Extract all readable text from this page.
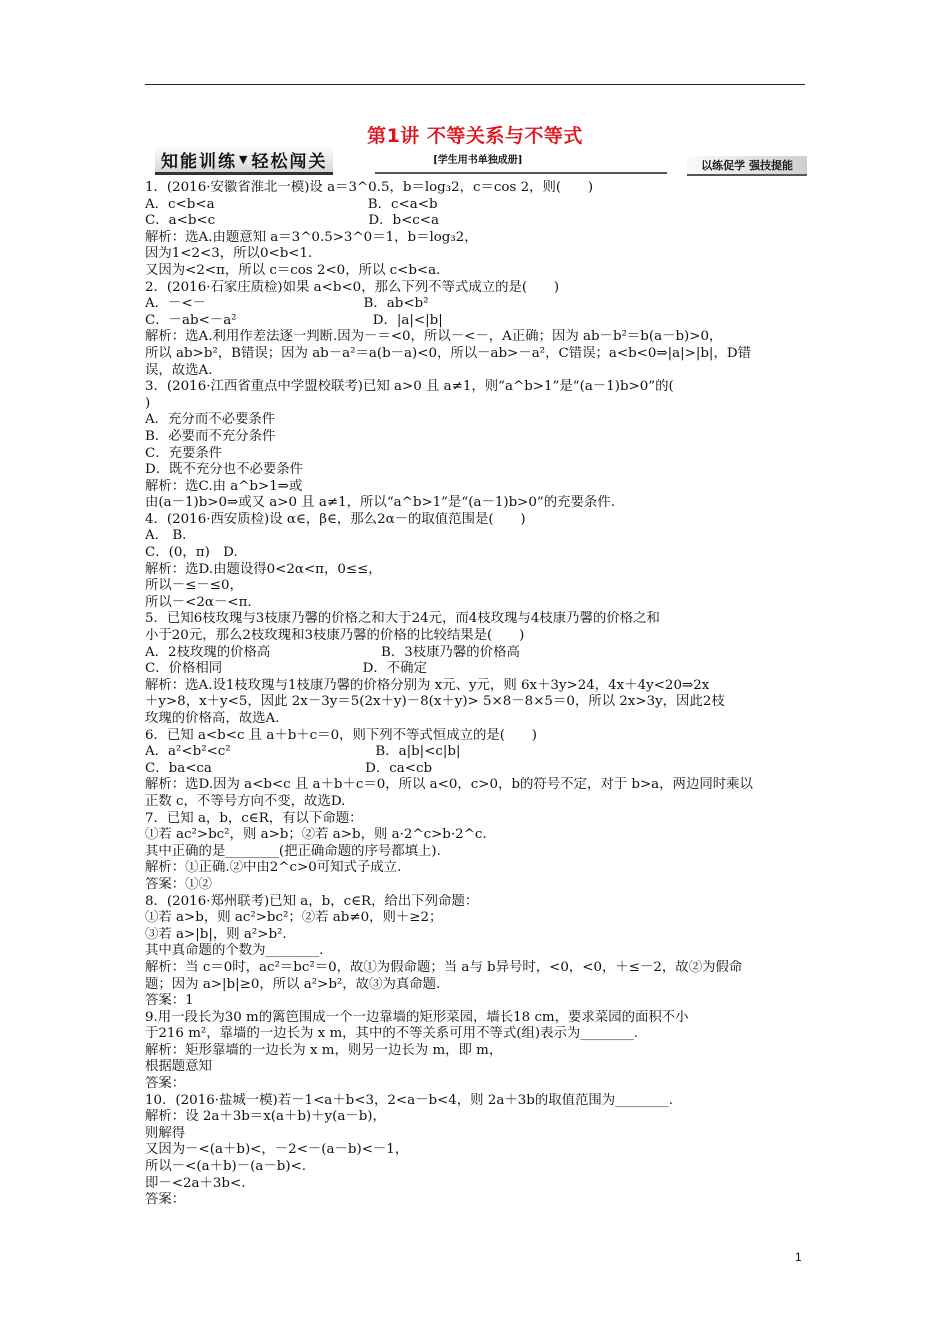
第1讲 不等关系与不等式
知能训练 ▼ 轻松闯关	[学生用书单独成册]	以练促学 强技提能
1．(2016·安徽省淮北一模)设 a＝3^0.5，b＝log₃2，c＝cos 2，则(　　)
A．c<b<a                                    B．c<a<b
C．a<b<c                                    D．b<c<a
解析：选A.由题意知 a＝3^0.5>3^0＝1，b＝log₃2，
因为1<2<3，所以0<b<1.
又因为<2<π，所以 c＝cos 2<0，所以 c<b<a.
2．(2016·石家庄质检)如果 a<b<0，那么下列不等式成立的是(　　)
A．－<－                                     B．ab<b²
C．－ab<－a²                                D．|a|<|b|
解析：选A.利用作差法逐一判断.因为－＝<0，所以－<－，A正确；因为 ab－b²＝b(a－b)>0，
所以 ab>b²，B错误；因为 ab－a²＝a(b－a)<0，所以－ab>－a²，C错误；a<b<0⇒|a|>|b|，D错
误，故选A.
3．(2016·江西省重点中学盟校联考)已知 a>0 且 a≠1，则“a^b>1”是“(a－1)b>0”的(
)
A．充分而不必要条件
B．必要而不充分条件
C．充要条件
D．既不充分也不必要条件
解析：选C.由 a^b>1⇒或
由(a－1)b>0⇒或又 a>0 且 a≠1，所以“a^b>1”是“(a－1)b>0”的充要条件.
4．(2016·西安质检)设 α∈，β∈，那么2α－的取值范围是(　　)
A.　B.
C．(0，π)　D.
解析：选D.由题设得0<2α<π，0≤≤，
所以－≤－≤0，
所以－<2α－<π.
5．已知6枝玫瑰与3枝康乃馨的价格之和大于24元，而4枝玫瑰与4枝康乃馨的价格之和
小于20元，那么2枝玫瑰和3枝康乃馨的价格的比较结果是(　　)
A．2枝玫瑰的价格高                          B．3枝康乃馨的价格高
C．价格相同                                 D．不确定
解析：选A.设1枝玫瑰与1枝康乃馨的价格分别为 x元、y元，则 6x＋3y>24，4x＋4y<20⇒2x
＋y>8，x＋y<5，因此 2x－3y＝5(2x＋y)－8(x＋y)> 5×8－8×5＝0，所以 2x>3y，因此2枝
玫瑰的价格高，故选A.
6．已知 a<b<c 且 a＋b＋c＝0，则下列不等式恒成立的是(　　)
A．a²<b²<c²                                  B．a|b|<c|b|
C．ba<ca                                    D．ca<cb
解析：选D.因为 a<b<c 且 a＋b＋c＝0，所以 a<0，c>0，b的符号不定，对于 b>a，两边同时乘以
正数 c，不等号方向不变，故选D.
7．已知 a，b，c∈R，有以下命题：
①若 ac²>bc²，则 a>b；②若 a>b，则 a·2^c>b·2^c.
其中正确的是________(把正确命题的序号都填上).
解析：①正确.②中由2^c>0可知式子成立.
答案：①②
8．(2016·郑州联考)已知 a，b，c∈R，给出下列命题：
①若 a>b，则 ac²>bc²；②若 ab≠0，则＋≥2；
③若 a>|b|，则 a²>b².
其中真命题的个数为________.
解析：当 c＝0时，ac²＝bc²＝0，故①为假命题；当 a与 b异号时，<0，<0，＋≤－2，故②为假命
题；因为 a>|b|≥0，所以 a²>b²，故③为真命题.
答案：1
9.用一段长为30 m的篱笆围成一个一边靠墙的矩形菜园，墙长18 cm，要求菜园的面积不小
于216 m²，靠墙的一边长为 x m，其中的不等关系可用不等式(组)表示为________.
解析：矩形靠墙的一边长为 x m，则另一边长为 m，即 m，
根据题意知
答案：
10．(2016·盐城一模)若－1<a＋b<3，2<a－b<4，则 2a＋3b的取值范围为________.
解析：设 2a＋3b＝x(a＋b)＋y(a－b)，
则解得
又因为－<(a＋b)<，－2<－(a－b)<－1，
所以－<(a＋b)－(a－b)<.
即－<2a＋3b<.
答案：
1
